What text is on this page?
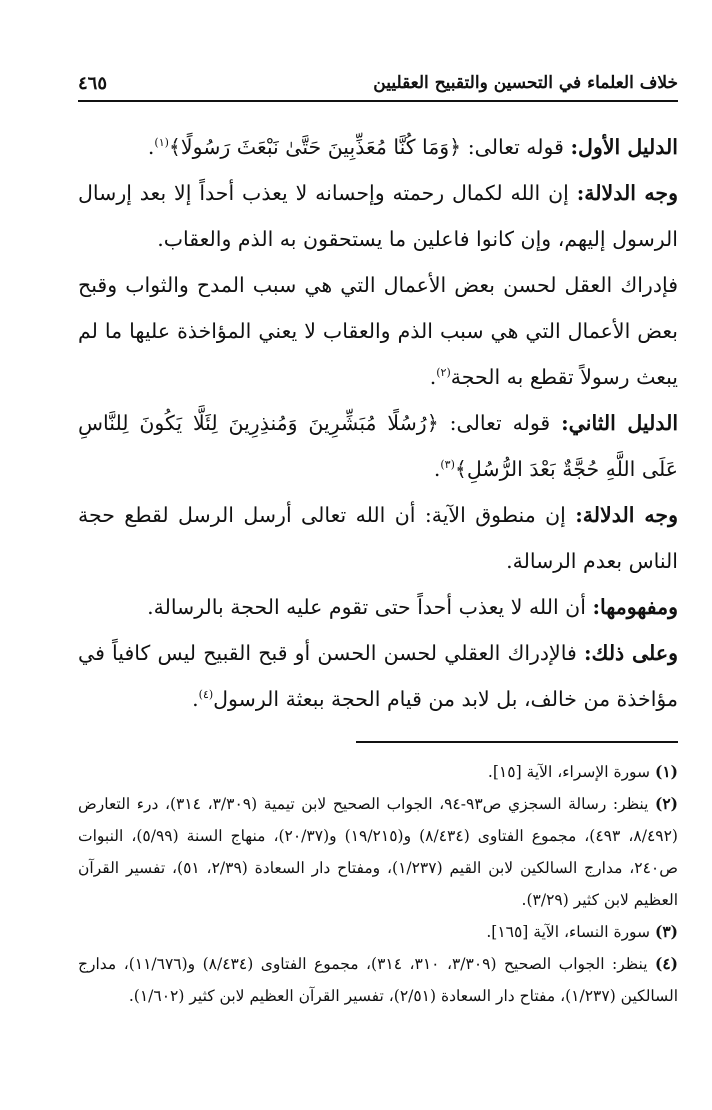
خلاف العلماء في التحسين والتقبيح العقليين
٤٦٥

الدليل الأول: قوله تعالى: ﴿وَمَا كُنَّا مُعَذِّبِينَ حَتَّىٰ نَبْعَثَ رَسُولًا﴾$^{(١)}$.

وجه الدلالة: إن الله لكمال رحمته وإحسانه لا يعذب أحداً إلا بعد إرسال الرسول إليهم، وإن كانوا فاعلين ما يستحقون به الذم والعقاب.

فإدراك العقل لحسن بعض الأعمال التي هي سبب المدح والثواب وقبح بعض الأعمال التي هي سبب الذم والعقاب لا يعني المؤاخذة عليها ما لم يبعث رسولاً تقطع به الحجة$^{(٢)}$.

الدليل الثاني: قوله تعالى: ﴿رُسُلًا مُبَشِّرِينَ وَمُنذِرِينَ لِئَلَّا يَكُونَ لِلنَّاسِ عَلَى اللَّهِ حُجَّةٌ بَعْدَ الرُّسُلِ﴾$^{(٣)}$.

وجه الدلالة: إن منطوق الآية: أن الله تعالى أرسل الرسل لقطع حجة الناس بعدم الرسالة.

ومفهومها: أن الله لا يعذب أحداً حتى تقوم عليه الحجة بالرسالة.

وعلى ذلك: فالإدراك العقلي لحسن الحسن أو قبح القبيح ليس كافياً في مؤاخذة من خالف، بل لابد من قيام الحجة ببعثة الرسول$^{(٤)}$.

(١) سورة الإسراء، الآية [١٥].

(٢) ينظر: رسالة السجزي ص٩٣-٩٤، الجواب الصحيح لابن تيمية (٣/٣٠٩، ٣١٤)، درء التعارض (٨/٤٩٢، ٤٩٣)، مجموع الفتاوى (٨/٤٣٤) و(١٩/٢١٥) و(٢٠/٣٧)، منهاج السنة (٥/٩٩)، النبوات ص٢٤٠، مدارج السالكين لابن القيم (١/٢٣٧)، ومفتاح دار السعادة (٢/٣٩، ٥١)، تفسير القرآن العظيم لابن كثير (٣/٢٩).

(٣) سورة النساء، الآية [١٦٥].

(٤) ينظر: الجواب الصحيح (٣/٣٠٩، ٣١٠، ٣١٤)، مجموع الفتاوى (٨/٤٣٤) و(١١/٦٧٦)، مدارج السالكين (١/٢٣٧)، مفتاح دار السعادة (٢/٥١)، تفسير القرآن العظيم لابن كثير (١/٦٠٢).
